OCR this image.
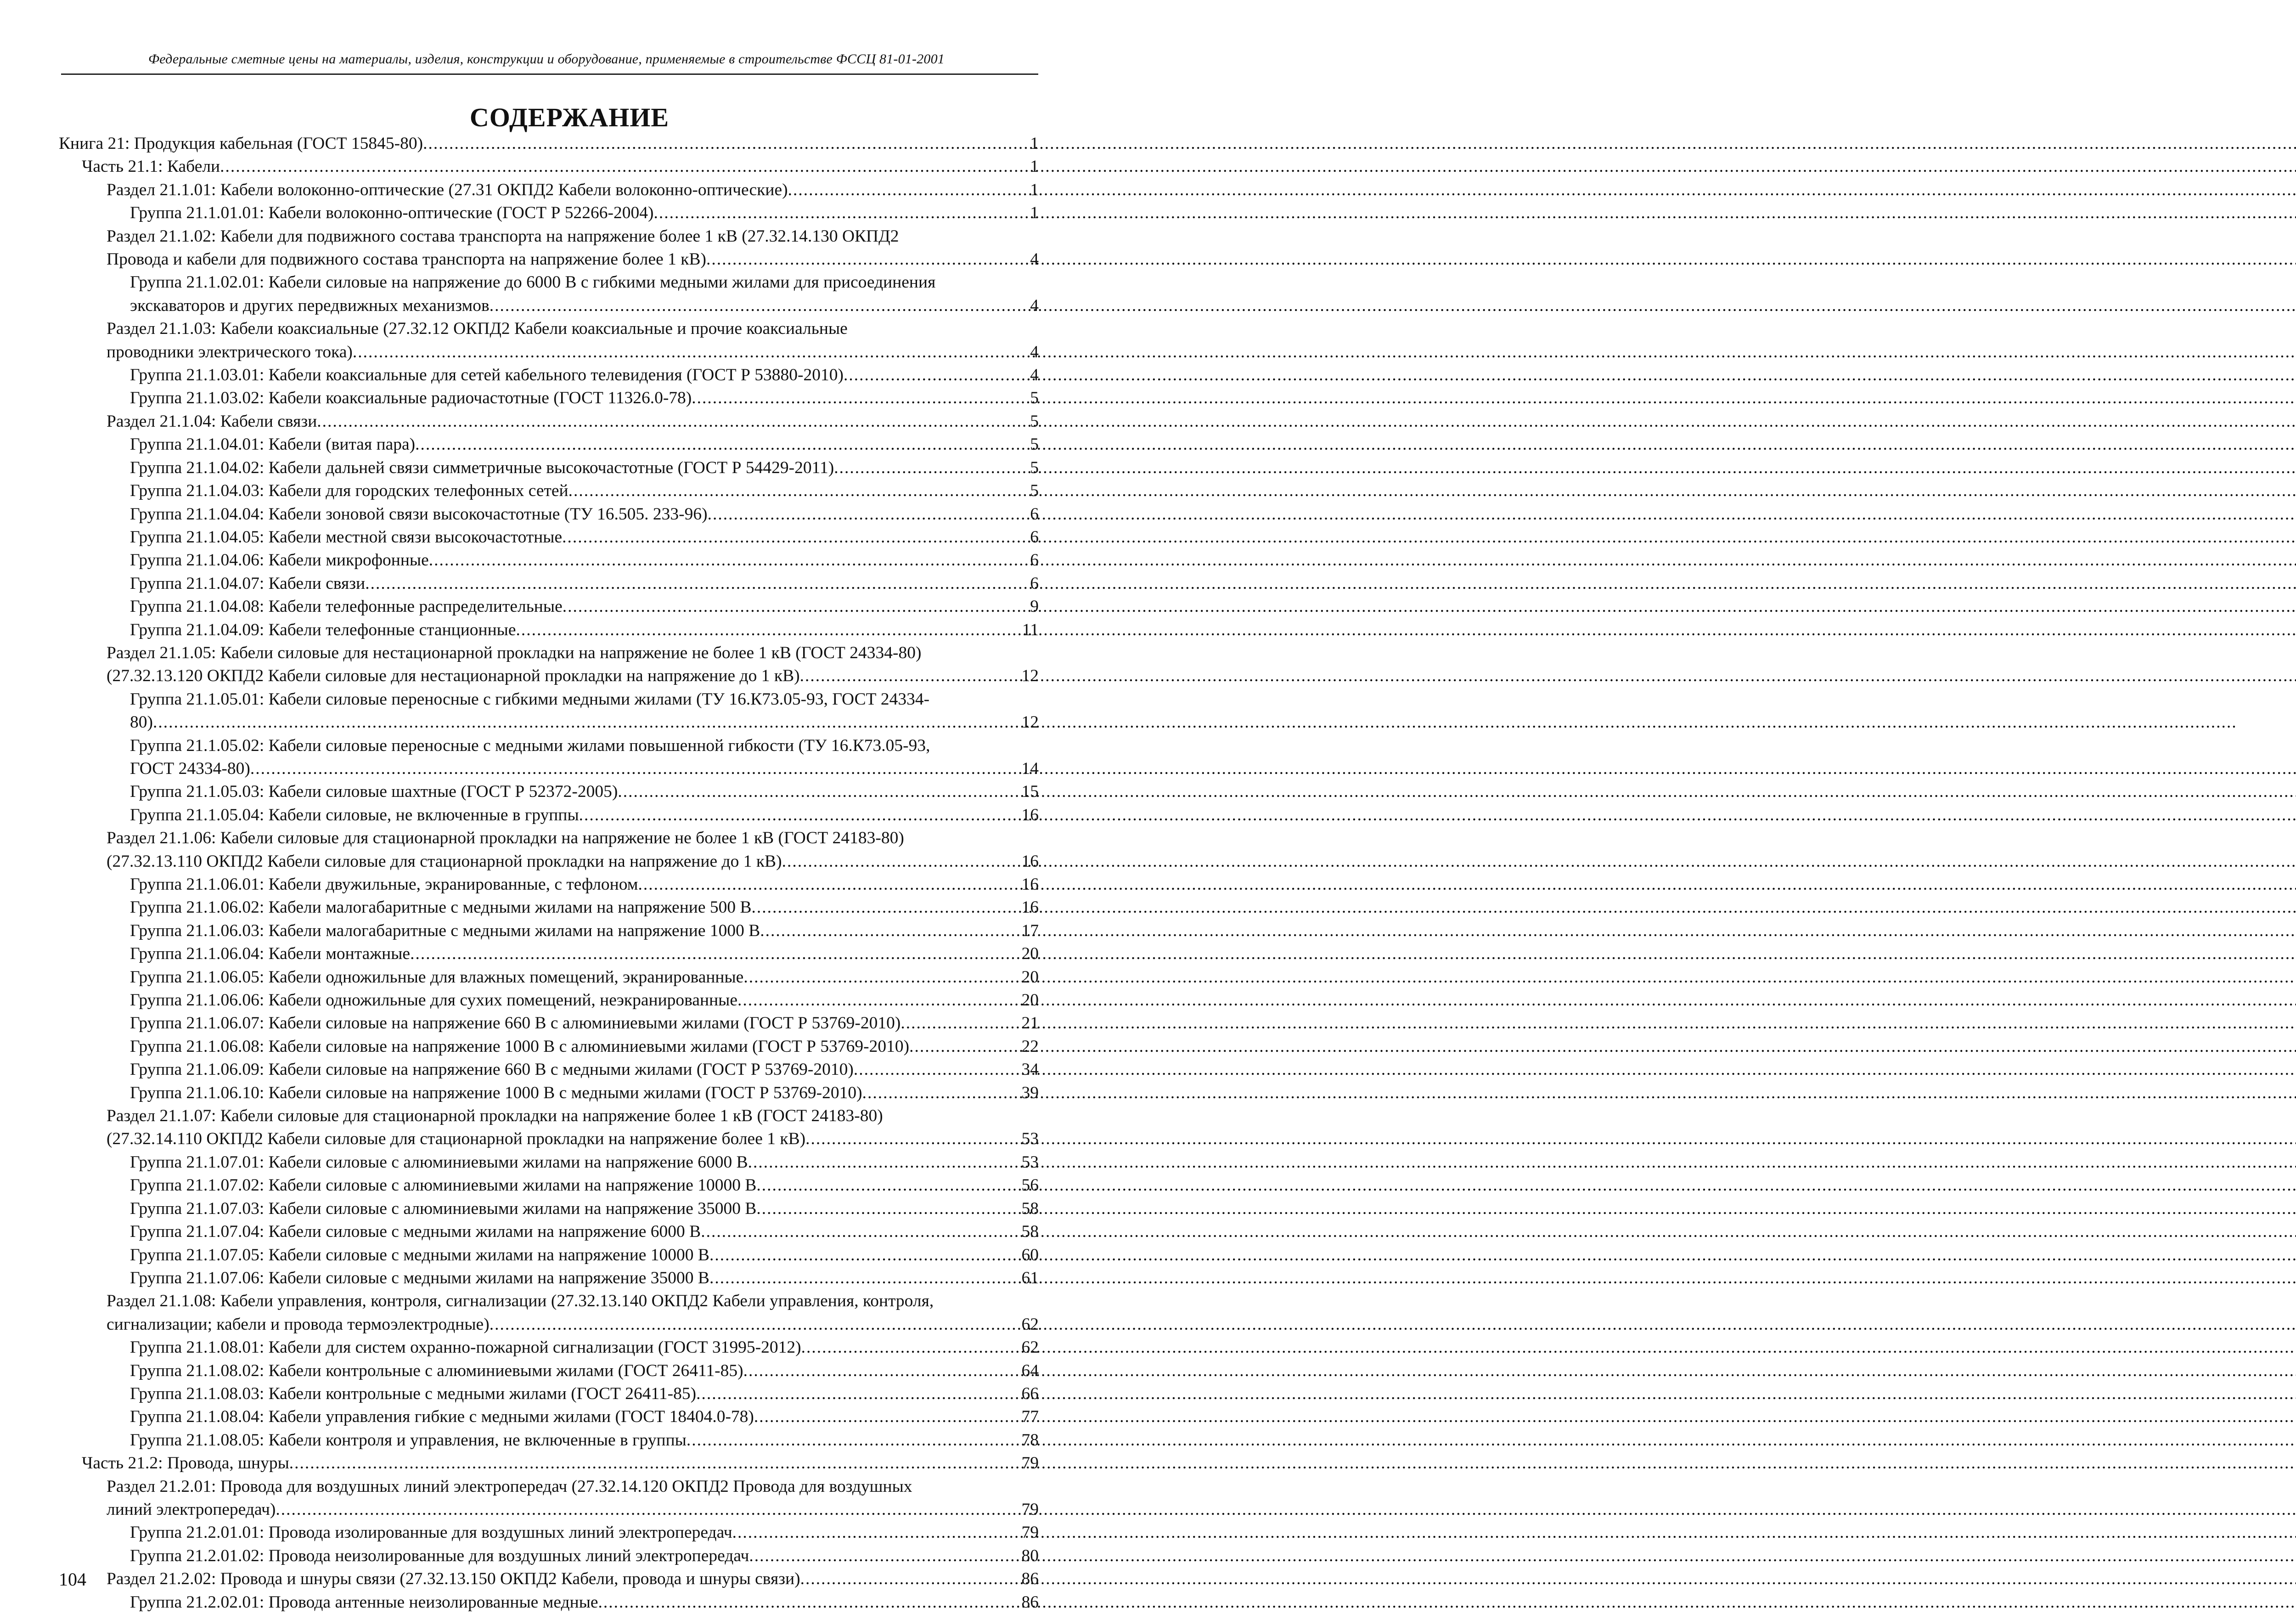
Федеральные сметные цены на материалы, изделия, конструкции и оборудование, применяемые в строительстве ФССЦ 81-01-2001
СОДЕРЖАНИЕ
Книга 21: Продукция кабельная (ГОСТ 15845-80) .....	1
Часть 21.1: Кабели .....	1
Раздел 21.1.01: Кабели волоконно-оптические (27.31 ОКПД2 Кабели волоконно-оптические) .....	1
Группа 21.1.01.01: Кабели волоконно-оптические (ГОСТ Р 52266-2004) .....	1
Раздел 21.1.02: Кабели для подвижного состава транспорта на напряжение более 1 кВ (27.32.14.130 ОКПД2
Провода и кабели для подвижного состава транспорта на напряжение более 1 кВ) .....	4
Группа 21.1.02.01: Кабели силовые на напряжение до 6000 В с гибкими медными жилами для присоединения
экскаваторов и других передвижных механизмов .....	4
Раздел 21.1.03: Кабели коаксиальные (27.32.12 ОКПД2 Кабели коаксиальные и прочие коаксиальные
проводники электрического тока) .....	4
Группа 21.1.03.01: Кабели коаксиальные для сетей кабельного телевидения (ГОСТ Р 53880-2010) .....	4
Группа 21.1.03.02: Кабели коаксиальные радиочастотные (ГОСТ 11326.0-78) .....	5
Раздел 21.1.04: Кабели связи .....	5
Группа 21.1.04.01: Кабели (витая пара) .....	5
Группа 21.1.04.02: Кабели дальней связи симметричные высокочастотные (ГОСТ Р 54429-2011) .....	5
Группа 21.1.04.03: Кабели для городских телефонных сетей .....	5
Группа 21.1.04.04: Кабели зоновой связи высокочастотные (ТУ 16.505. 233-96) .....	6
Группа 21.1.04.05: Кабели местной связи высокочастотные .....	6
Группа 21.1.04.06: Кабели микрофонные .....	6
Группа 21.1.04.07: Кабели связи .....	6
Группа 21.1.04.08: Кабели телефонные распределительные .....	9
Группа 21.1.04.09: Кабели телефонные станционные .....	11
Раздел 21.1.05: Кабели силовые для нестационарной прокладки на напряжение не более 1 кВ (ГОСТ 24334-80)
(27.32.13.120 ОКПД2 Кабели силовые для нестационарной прокладки на напряжение до 1 кВ) .....	12
Группа 21.1.05.01: Кабели силовые переносные с гибкими медными жилами (ТУ 16.К73.05-93, ГОСТ 24334-
80) .....	12
Группа 21.1.05.02: Кабели силовые переносные с медными жилами повышенной гибкости (ТУ 16.К73.05-93,
ГОСТ 24334-80) .....	14
Группа 21.1.05.03: Кабели силовые шахтные (ГОСТ Р 52372-2005) .....	15
Группа 21.1.05.04: Кабели силовые, не включенные в группы .....	16
Раздел 21.1.06: Кабели силовые для стационарной прокладки на напряжение не более 1 кВ (ГОСТ 24183-80)
(27.32.13.110 ОКПД2 Кабели силовые для стационарной прокладки на напряжение до 1 кВ) .....	16
Группа 21.1.06.01: Кабели двужильные, экранированные, с тефлоном .....	16
Группа 21.1.06.02: Кабели малогабаритные с медными жилами на напряжение 500 В .....	16
Группа 21.1.06.03: Кабели малогабаритные с медными жилами на напряжение 1000 В .....	17
Группа 21.1.06.04: Кабели монтажные .....	20
Группа 21.1.06.05: Кабели одножильные для влажных помещений, экранированные .....	20
Группа 21.1.06.06: Кабели одножильные для сухих помещений, неэкранированные .....	20
Группа 21.1.06.07: Кабели силовые на напряжение 660 В с алюминиевыми жилами (ГОСТ Р 53769-2010) .....	21
Группа 21.1.06.08: Кабели силовые на напряжение 1000 В с алюминиевыми жилами (ГОСТ Р 53769-2010) .....	22
Группа 21.1.06.09: Кабели силовые на напряжение 660 В с медными жилами (ГОСТ Р 53769-2010) .....	34
Группа 21.1.06.10: Кабели силовые на напряжение 1000 В с медными жилами (ГОСТ Р 53769-2010) .....	39
Раздел 21.1.07: Кабели силовые для стационарной прокладки на напряжение более 1 кВ (ГОСТ 24183-80)
(27.32.14.110 ОКПД2 Кабели силовые для стационарной прокладки на напряжение более 1 кВ) .....	53
Группа 21.1.07.01: Кабели силовые с алюминиевыми жилами на напряжение 6000 В .....	53
Группа 21.1.07.02: Кабели силовые с алюминиевыми жилами на напряжение 10000 В .....	56
Группа 21.1.07.03: Кабели силовые с алюминиевыми жилами на напряжение 35000 В .....	58
Группа 21.1.07.04: Кабели силовые с медными жилами на напряжение 6000 В .....	58
Группа 21.1.07.05: Кабели силовые с медными жилами на напряжение 10000 В .....	60
Группа 21.1.07.06: Кабели силовые с медными жилами на напряжение 35000 В .....	61
Раздел 21.1.08: Кабели управления, контроля, сигнализации (27.32.13.140 ОКПД2 Кабели управления, контроля,
сигнализации; кабели и провода термоэлектродные) .....	62
Группа 21.1.08.01: Кабели для систем охранно-пожарной сигнализации (ГОСТ 31995-2012) .....	62
Группа 21.1.08.02: Кабели контрольные с алюминиевыми жилами (ГОСТ 26411-85) .....	64
Группа 21.1.08.03: Кабели контрольные с медными жилами (ГОСТ 26411-85) .....	66
Группа 21.1.08.04: Кабели управления гибкие с медными жилами (ГОСТ 18404.0-78) .....	77
Группа 21.1.08.05: Кабели контроля и управления, не включенные в группы .....	78
Часть 21.2: Провода, шнуры .....	79
Раздел 21.2.01: Провода для воздушных линий электропередач (27.32.14.120 ОКПД2 Провода для воздушных
линий электропередач) .....	79
Группа 21.2.01.01: Провода изолированные для воздушных линий электропередач .....	79
Группа 21.2.01.02: Провода неизолированные для воздушных линий электропередач .....	80
Раздел 21.2.02: Провода и шнуры связи (27.32.13.150 ОКПД2 Кабели, провода и шнуры связи) .....	86
Группа 21.2.02.01: Провода антенные неизолированные медные .....	86
104
